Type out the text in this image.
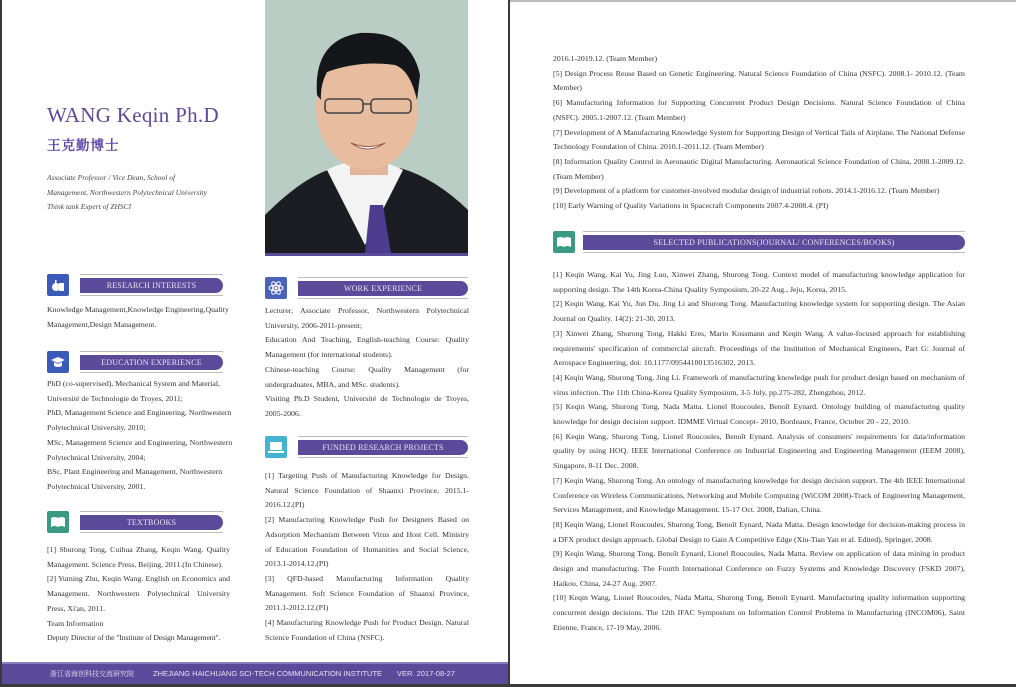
WANG Keqin Ph.D
王克勤博士
Associate Professor / Vice Dean, School of
Management, Northwestern Polytechnical University
Think tank Expert of ZHSCI
RESEARCH INTERESTS

Knowledge Management,Knowledge Engineering,Quality Management,Design Management.

EDUCATION EXPERIENCE

PhD (co-supervised), Mechanical System and Material, Université de Technologie de Troyes, 2011;

PhD, Management Science and Engineering, Northwestern Polytechnical University, 2010;

MSc, Management Science and Engineering, Northwestern Polytechnical University, 2004;

BSc, Plant Engineering and Management, Northwestern Polytechnical University, 2001.

TEXTBOOKS

[1] Shurong Tong, Cuihua Zhang, Keqin Wang. Quality Management. Science Press, Beijing, 2011.(In Chinese).

[2] Yuming Zhu, Keqin Wang. English on Economics and Management. Northwestern Polytechnical University Press, Xi'an, 2011.

Team Information

Deputy Director of the "Institute of Design Management".

WORK EXPERIENCE

Lecturer, Associate Professor, Northwestern Polytechnical University, 2006-2011-present;

Education And Teaching, English-teaching Course: Quality Management (for international students).

Chinese-teaching Course: Quality Management (for undergraduates, MBA, and MSc. students).

Visiting Ph.D Student, Université de Technologie de Troyes, 2005-2006.

FUNDED RESEARCH PROJECTS

[1] Targeting Push of Manufacturing Knowledge for Design. Natural Science Foundation of Shaanxi Province, 2015.1-2016.12.(PI)

[2] Manufacturing Knowledge Push for Designers Based on Adsorption Mechanism Between Virus and Host Cell. Ministry of Education Foundation of Humanities and Social Science, 2013.1-2014.12.(PI)

[3] QFD-based Manufacturing Information Quality Management. Soft Science Foundation of Shaanxi Province, 2011.1-2012.12.(PI)

[4] Manufacturing Knowledge Push for Product Design. Natural Science Foundation of China (NSFC).

浙江省海创科技交流研究院	ZHEJIANG HAICHUANG SCI-TECH COMMUNICATION INSTITUTE VER. 2017-08-27

2016.1-2019.12. (Team Member)

[5] Design Process Reuse Based on Genetic Engineering. Natural Science Foundation of China (NSFC). 2008.1- 2010.12. (Team Member)

[6] Manufacturing Information for Supporting Concurrent Product Design Decisions. Natural Science Foundation of China (NSFC). 2005.1-2007.12. (Team Member)

[7] Development of A Manufacturing Knowledge System for Supporting Design of Vertical Tails of Airplane. The National Defense Technology Foundation of China. 2010.1-2011.12. (Team Member)

[8] Information Quality Control in Aeronautic Digital Manufacturing. Aeronautical Science Foundation of China, 2008.1-2009.12. (Team Member)

[9] Development of a platform for customer-involved modular design of industrial robots. 2014.1-2016.12. (Team Member)

[10] Early Warning of Quality Variations in Spacecraft Components 2007.4-2008.4. (PI)

SELECTED PUBLICATIONS(JOURNAL/ CONFERENCES/BOOKS)

[1] Keqin Wang, Kai Yu, Jing Luo, Xinwei Zhang, Shurong Tong. Context model of manufacturing knowledge application for supporting design. The 14th Korea-China Quality Symposium, 20-22 Aug., Jeju, Korea, 2015.

[2] Keqin Wang, Kai Yu, Jun Du, Jing Li and Shurong Tong. Manufacturing knowledge system for supporting design. The Asian Journal on Quality. 14(2): 21-30, 2013.

[3] Xinwei Zhang, Shurong Tong, Hakki Eres, Mario Kossmann and Keqin Wang. A value-focused approach for establishing requirements' specification of commercial aircraft. Proceedings of the Institution of Mechanical Engineers, Part G: Journal of Aerospace Engineering, doi: 10.1177/0954410013516302, 2013.

[4] Keqin Wang, Shurong Tong, Jing Li. Framework of manufacturing knowledge push for product design based on mechanism of virus infection. The 11th China-Korea Quality Symposium, 3-5 July, pp.275-282, Zhengzhou, 2012.

[5] Keqin Wang, Shurong Tong, Nada Matta, Lionel Roucoules, Benoît Eynard. Ontology building of manufacturing quality knowledge for design decision support. IDMME Virtual Concept- 2010, Bordeaux, France, October 20 - 22, 2010.

[6] Keqin Wang, Shurong Tong, Lionel Roucoules, Benoît Eynard. Analysis of consumers' requirements for data/information quality by using HOQ. IEEE International Conference on Industrial Engineering and Engineering Management (IEEM 2008), Singapore, 8-11 Dec. 2008.

[7] Keqin Wang, Shurong Tong. An ontology of manufacturing knowledge for design decision support. The 4th IEEE International Conference on Wireless Communications, Networking and Mobile Computing (WiCOM 2008)-Track of Engineering Management, Services Management, and Knowledge Management. 15-17 Oct. 2008, Dalian, China.

[8] Keqin Wang, Lionel Roucoules, Shurong Tong, Benoît Eynard, Nada Matta. Design knowledge for decision-making process in a DFX product design approach. Global Design to Gain A Competitive Edge (Xiu-Tian Yan et al. Edited), Springer, 2008.

[9] Keqin Wang, Shurong Tong, Benoît Eynard, Lionel Roucoules, Nada Matta. Review on application of data mining in product design and manufacturing. The Fourth International Conference on Fuzzy Systems and Knowledge Discovery (FSKD 2007), Haikou, China, 24-27 Aug. 2007.

[10] Keqin Wang, Lionel Roucoules, Nada Matta, Shurong Tong, Benoît Eynard. Manufacturing quality information supporting concurrent design decisions. The 12th IFAC Symposium on Information Control Problems in Manufacturing (INCOM06), Saint Etienne, France, 17-19 May, 2006.
